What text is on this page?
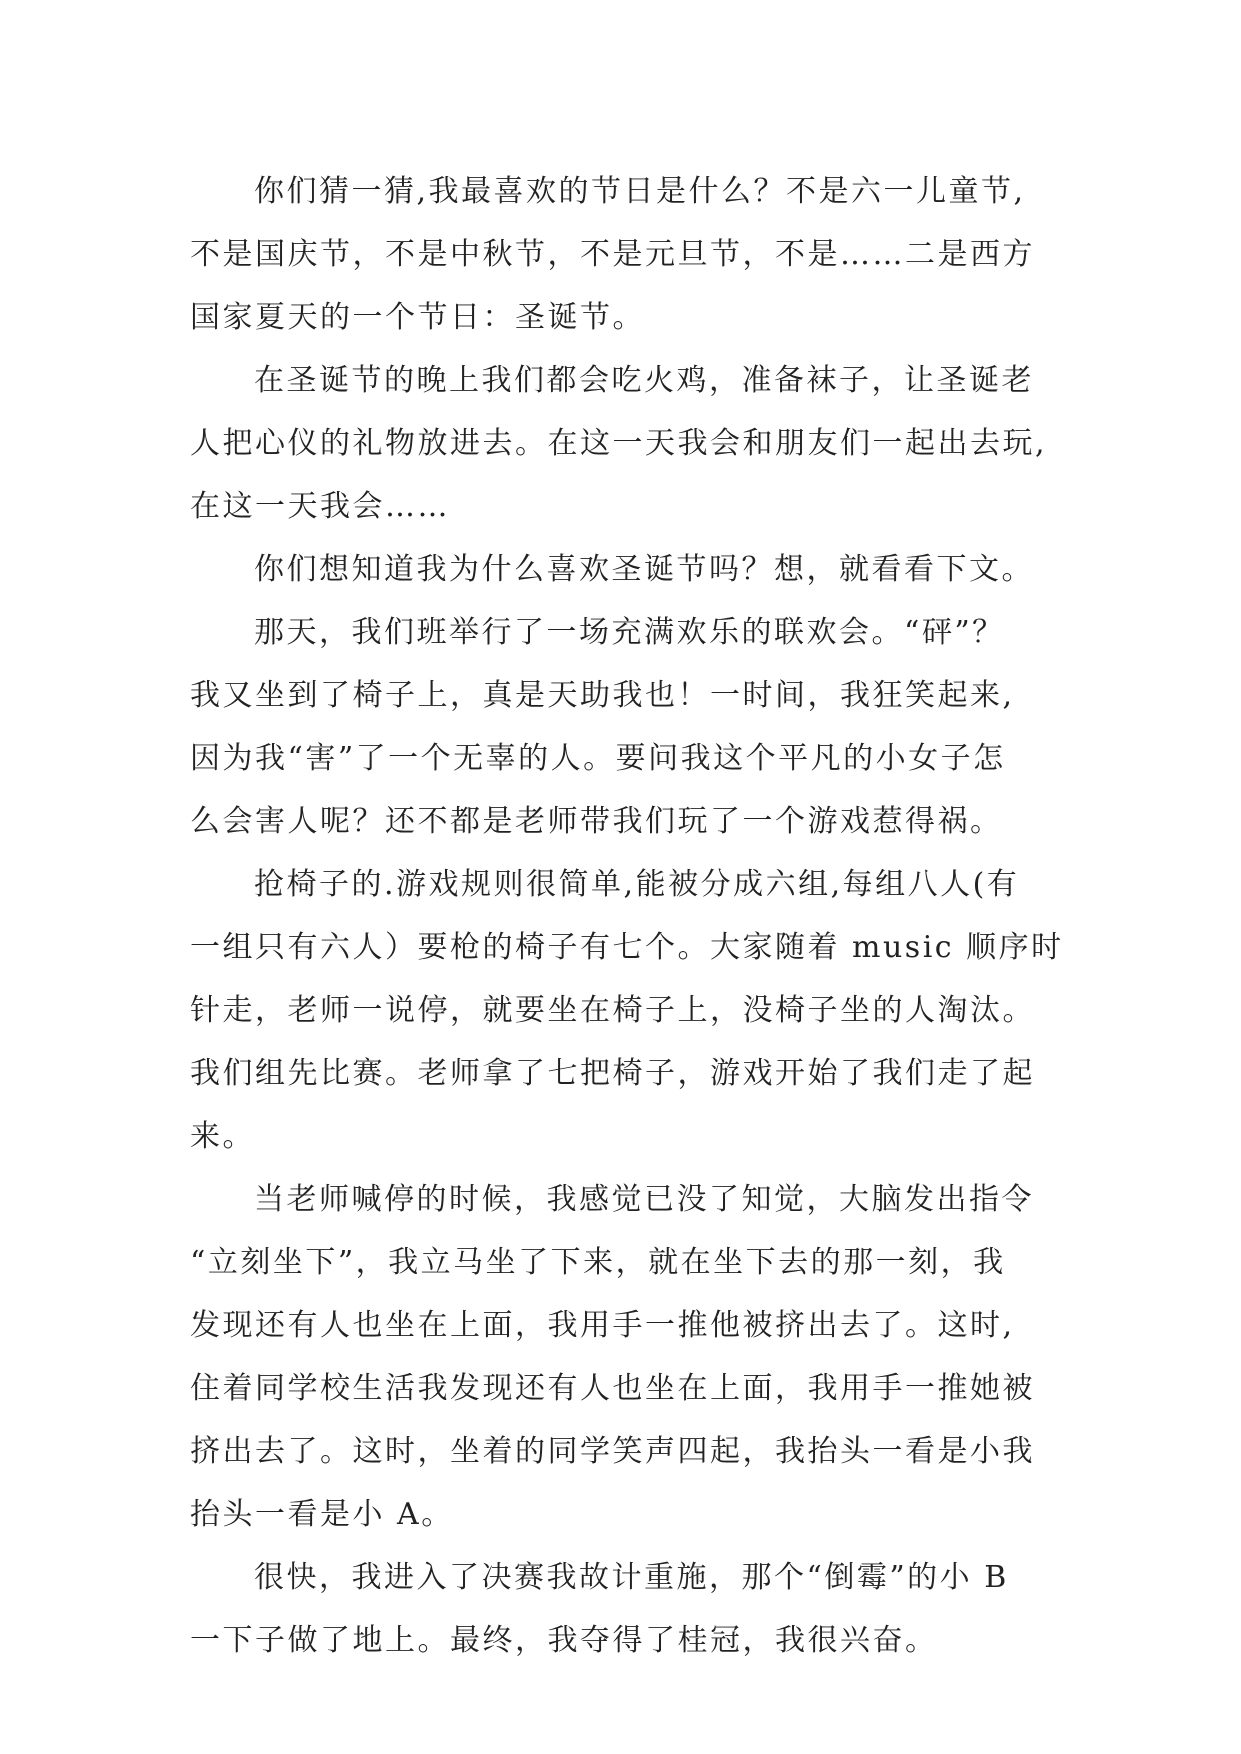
你们猜一猜,我最喜欢的节日是什么？不是六一儿童节,
不是国庆节，不是中秋节，不是元旦节，不是……二是西方
国家夏天的一个节日：圣诞节。

在圣诞节的晚上我们都会吃火鸡，准备袜子，让圣诞老
人把心仪的礼物放进去。在这一天我会和朋友们一起出去玩,
在这一天我会……

你们想知道我为什么喜欢圣诞节吗？想，就看看下文。

那天，我们班举行了一场充满欢乐的联欢会。“砰”？
我又坐到了椅子上，真是天助我也！一时间，我狂笑起来,
因为我“害”了一个无辜的人。要问我这个平凡的小女子怎
么会害人呢？还不都是老师带我们玩了一个游戏惹得祸。

抢椅子的.游戏规则很简单,能被分成六组,每组八人(有
一组只有六人）要枪的椅子有七个。大家随着 music 顺序时
针走，老师一说停，就要坐在椅子上，没椅子坐的人淘汰。
我们组先比赛。老师拿了七把椅子，游戏开始了我们走了起
来。

当老师喊停的时候，我感觉已没了知觉，大脑发出指令
“立刻坐下”，我立马坐了下来，就在坐下去的那一刻，我
发现还有人也坐在上面，我用手一推他被挤出去了。这时,
住着同学校生活我发现还有人也坐在上面，我用手一推她被
挤出去了。这时，坐着的同学笑声四起，我抬头一看是小我
抬头一看是小 A。

很快，我进入了决赛我故计重施，那个“倒霉”的小 B
一下子做了地上。最终，我夺得了桂冠，我很兴奋。
